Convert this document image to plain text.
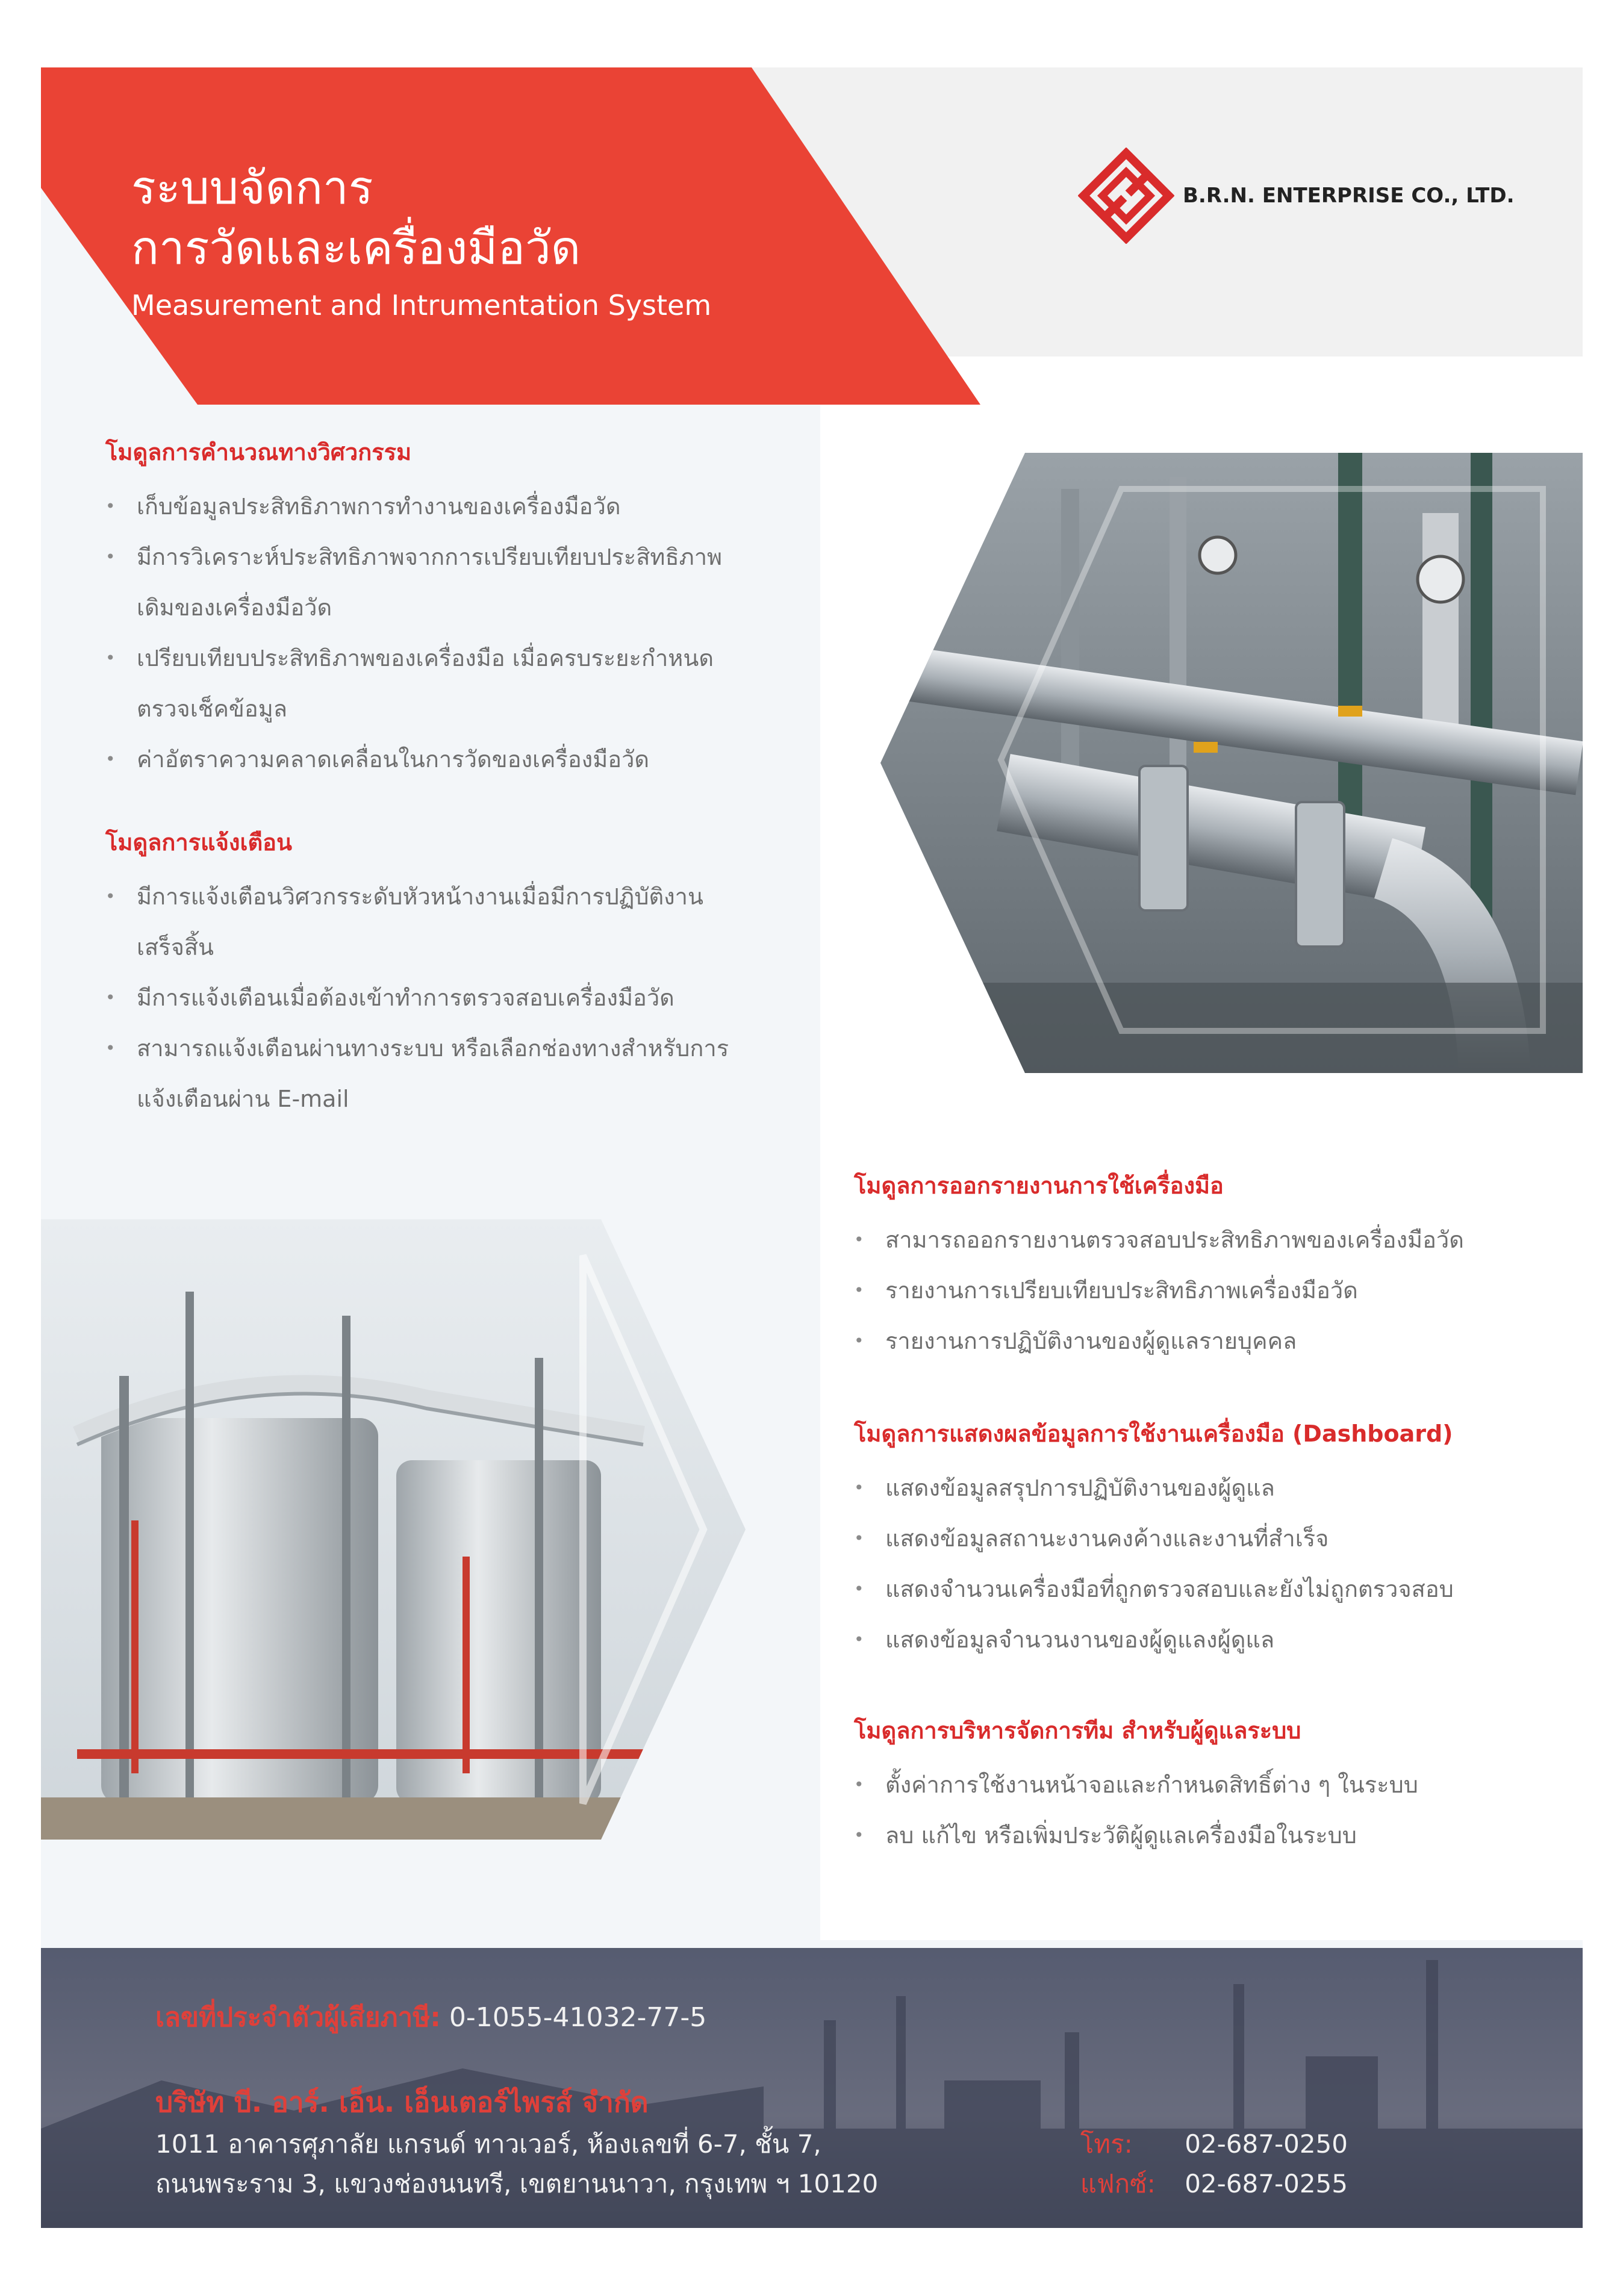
ระบบจัดการ
การวัดและเครื่องมือวัด
Measurement and Intrumentation System
B.R.N. ENTERPRISE CO., LTD.
โมดูลการคำนวณทางวิศวกรรม
• เก็บข้อมูลประสิทธิภาพการทำงานของเครื่องมือวัด
• มีการวิเคราะห์ประสิทธิภาพจากการเปรียบเทียบประสิทธิภาพ
เดิมของเครื่องมือวัด
• เปรียบเทียบประสิทธิภาพของเครื่องมือ เมื่อครบระยะกำหนด
ตรวจเช็คข้อมูล
• ค่าอัตราความคลาดเคลื่อนในการวัดของเครื่องมือวัด
โมดูลการแจ้งเตือน
• มีการแจ้งเตือนวิศวกรระดับหัวหน้างานเมื่อมีการปฏิบัติงาน
เสร็จสิ้น
• มีการแจ้งเตือนเมื่อต้องเข้าทำการตรวจสอบเครื่องมือวัด
• สามารถแจ้งเตือนผ่านทางระบบ หรือเลือกช่องทางสำหรับการ
แจ้งเตือนผ่าน E-mail
โมดูลการออกรายงานการใช้เครื่องมือ
• สามารถออกรายงานตรวจสอบประสิทธิภาพของเครื่องมือวัด
• รายงานการเปรียบเทียบประสิทธิภาพเครื่องมือวัด
• รายงานการปฏิบัติงานของผู้ดูแลรายบุคคล
โมดูลการแสดงผลข้อมูลการใช้งานเครื่องมือ (Dashboard)
• แสดงข้อมูลสรุปการปฏิบัติงานของผู้ดูแล
• แสดงข้อมูลสถานะงานคงค้างและงานที่สำเร็จ
• แสดงจำนวนเครื่องมือที่ถูกตรวจสอบและยังไม่ถูกตรวจสอบ
• แสดงข้อมูลจำนวนงานของผู้ดูแลงผู้ดูแล
โมดูลการบริหารจัดการทีม สำหรับผู้ดูแลระบบ
• ตั้งค่าการใช้งานหน้าจอและกำหนดสิทธิ์ต่าง ๆ ในระบบ
• ลบ แก้ไข หรือเพิ่มประวัติผู้ดูแลเครื่องมือในระบบ
เลขที่ประจำตัวผู้เสียภาษี: 0-1055-41032-77-5
บริษัท บี. อาร์. เอ็น. เอ็นเตอร์ไพรส์ จำกัด
1011 อาคารศุภาลัย แกรนด์ ทาวเวอร์, ห้องเลขที่ 6-7, ชั้น 7,
ถนนพระราม 3, แขวงช่องนนทรี, เขตยานนาวา, กรุงเทพ ฯ 10120
โทร: 02-687-0250
แฟกซ์: 02-687-0255
